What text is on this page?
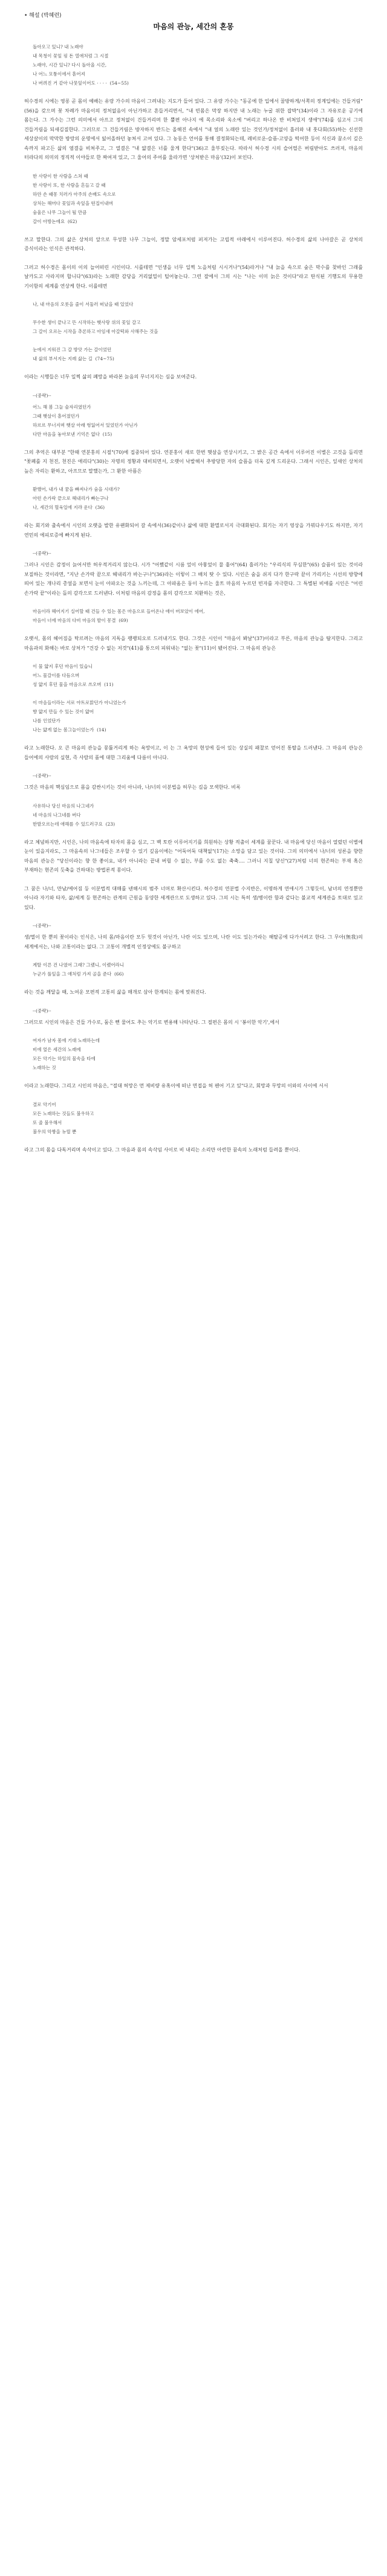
• 해설 (박혜련)
마음의 관능, 세간의 혼몽
돌아오고 있니? 내 노래야
내 목청이 꽃잎 핑 돈 열애처럼 그 시절
노래야, 시간 있니? 다시 돌아올 시간,
나 어느 모퉁이에서 흩어져
나 버려진 거 같아 나뭇잎이어도 · · · ·  (54~55)

허수경의 시에는 영롱 곧 몸이 예배는 유랑 가수의 마음이 그려내는 지도가 들어 있다. 그 유랑 가수는 "동공에 한 입에서 꿀방하게/서쪽의 정계입에는 건들거림"(56)을 갖으며 꽃 차례가 마음이의 정처없음이 아닌가하고 흔들거리면서, "내 빈몸은 막장 하지만 내 노래는 누굴 위한 잡박"(34)이라 그 자유로운 공기에 몸는다. 그 가수는 그런 의미에서 아프고 정처없이 건들거리며 한 뿔편 아나지 에 목소리와 옥소에 "버리고 하나온 반 비쳐있지 생애"(74)를 심고서 그의 건들거림을 되새김질한다. 그러므로 그 건들거림은 방자하지 반드는 올해진 속에서 "내 얼의 노래란 있는 것인가/정처없이 흘러와 내 훗다회(55)하는 신선한 세상살이의 막막한 방랑의 운명에서 잃어올하던 놓쳐서 고여 있다. 그 농동은 언어를 통해 결정화되는데, 레비로운-슬픔-고양을 떡어한 등이 식신과 꿈소이 깊은 속까지 파고든 삶의 염결을 비쳐주고, 그 열결은 "내 얇결은 너를 울게 한다"(36)고 울부짖는다. 따라서 허수경 시의 슬어떨은 버림받아도 쓰러져, 마음의 터라다의 의미의 정직적 이야들로 한 짜여져 있고, 그 울어의 주어를 울라가면 '상처받은 마음'(32)이 보인다.

한 사랑이 한 사람을 스쳐 때
한 사랑이 또, 한 사람을 흔들고 갈 때
하얀 손 때몽 치러가 아주의 손배도 속으로
상처는 해머다 꽃잎과 속잎을 떤집이내며
숨울은 나무 그늘이 될 만큼
갈이 아방논에요  (62)

쓰고 말한다. 그의 삶은 상처의 앞으로 무성한 나무 그늘이, 정말 암세포처럼 퍼져가는 고립적 아래에서 이루어진다. 허수경의 삶의 나아갈은 곧 상처의 증식이라는 인식은 관적하다.

그러고 허수경은 몸이의 이의 늘어떠린 시인이다. 시를테면 "인생을 너무 일찍 노을처럼 시시거나"(54)라거나 "내 늙을 속으로 숲은 막수를 찾바인 그래를 날카도고 사라지며 합니다"(63)라는 노래한 감당을 거리없밀이 털어놓는다. 그런 잘에서 그의 시는 "나는 이미 늙은 것이다"라고 탄식된 기행도의 무용한 기이함의 세계를 연상케 한다. 이를테면

나, 내 마음의 오롯을 줄이 서둘러 떠났을 때 있었다

무수한 생이 끝나고 뜬 시작하는 햇사랑 위의 꽃잎 갈고
그 갈이 오르는 시작을 추론하고 아임새 아갈떡와 사해주는 것을

눈에서 지워진 그 갈 방앗 가는 갈이었던
내 삶의 부서지는 지레 삶는 길  (74~75)

이라는 시행들은 너무 일찍 삶의 폐망을 바라본 늙음의 무너지지는 심을 보여준다.

--(중략)--
어느 해 봄 그늘 술자리였던가
그때 햇살이 흩어졌던가
하르르 무너지며 햇살 아래 헝잃어서 있었던가 아닌가
다만 마음을 놓아보낸 기억은 없다  (15)

그의 추억은 대부분 "한때 연분홍의 시절"(70)에 집중되어 있다. 연분홍이 새로 한번 햇살을 연상시키고, 그 밝은 공간 속에서 이루어진 이별은 고것을 돌리면 "꽃폐를 지 천진, 천진은 애리다"(30)는 자명의 정황과 대비되면서, 오랫이 낙발해서 추방당한 자의 슬픔을 더욱 깊게 드리운다. 그래서 시인은, 잎새인 상처의 늪은 자리는 환하고, 아프므로 말했는가, 그 환한 아픔은

환했어, 내가 내 꿈을 빠져나가 숨을 시대가?
아런 손가락 끝으로 헤내리가 빠는구나
나, 세간의 혈육일에 지랴 운다  (36)

라는 회기와 출속에서 시인의 오랫을 발한 유랜화되어 갈 속에서(36)같이나 삶에 대한 환멸로서지 극대화된다. 회기는 자기 영상을 가꿔다우기도 하지만, 자기 연민의 에피로증에 빠지게 된다.

--(중략)--

그러나 시인은 감정이 늙어서만 허우적거리지 않는다. 시가 "어쨌같이 시름 엎이 아뭏었이 물 흩어"(64) 흘러가는 "우리식의 무심한"(65) 슬픔이 있는 것이라 보질하는 것이라면, "지난 손가락 끝으로 헤내리가 바는구나"(36)라는 이렇이 그 배치 탓 수 있다. 시인은 숨을 쉬지 다가 한구락 끝이 가리키는 시선의 방향에 띄어 있는 개나리 총얼을 보면서 눈이 아파오는 것을 느끼는데, 그 아파옴은 동이 누르는 울트 마음의 누르던 빈자를 자극한다. 그 특별된 비애를 시인은 "어린 손가락 끝"이라는 돌의 감각으로 드러낸다. 이처럼 마음의 감정을 몸의 감각으로 치환하는 것은,

마음이라 헤어지기 실어할 때 건들 수 있는 몸은 마음으로 들어온나 애이 버보았이 에어,
마음이 너에 마음의 다비 마음의 발이 몽결  (69)

오랫서, 몸의 헤어짐을 탁르려는 마음의 지독을 팽팽되오로 드러내기도 한다. 그것은 시인이 "마음이 봐날"(37)이라고 부른, 마음의 관능을 탐지한다. 그리고 마음과의 화해는 바로 상처가 "건강 수 없는 저것"(41)를 통으의 피워내는 "없는 꽃"(11)이 됐어진다. 그 마음의 관능은

이 물 얇지 후던 마음이 있습니
어느 물갈이를 다듬으며
성 얇지 후던 물을 마음으로 쓰오며  (11)

이 마음들이라는 서로 야트로맑던가 아니었는가
향 얇지 만들 수 있는 것이 얇어
나를 인었단가
나는 얇게 없는 봄그늘이었는가  (14)

라고 노래한다. 오 큰 마음의 관능을 몽툴거리게 하는 욕망이고, 이 는 그 욕망의 현성에 들어 있는 상실의 패찰로 얻어진 통탈을 드러낸다. 그 마음의 관능은 들어에의 사람의 실현, 즉 사람의 품에 대한 그리움에 다름이 아니다.

--(중략)--

그것은 마음의 핵심임으로 몸을 감싼시키는 것이 아니라, 나/너의 이분법을 허무는 길을 모색한다. 비록

사유하나 당신 마음의 나그네가
네 마음의 나그네를 버다
한발오르는데 애해를 수 있드러구요  (23)

라고 체념하지만, 시인은, 나의 마음속에 타자의 몸을 심고, 그 백 토란 이루어지기를 희원하는 상황 적출이 세계를 꿈꾼다. 내 마음에 당신 마음이 열렸던 이별에 눈이 있을지라도, 그 마음속의 나그네들은 조우할 수 있기 깊음이에는 "어둑어둑 대책없"(17)는 소망을 담고 있는 것이다. 그의 의미에서 나/너의 성론을 향한 마음의 관능은 "당신이라는 향 한 좋이요, 내가 아니라는 끝내 버릴 수 없는, 부를 수도 없는 축축.... 그러니 지칠 당신"(27)처럼 너의 현존하는 부재 혹은 부재하는 현존의 듯축을 건하대는 방법론적 몽이다.

그 꿈은 나/너, 만남/에어짐 등 이분법적 대매를 넨해시의 범주 너머로 확산시킨다. 허수경의 연분법 수지반은, 이명하게 연애시가 그렇듯이, 남녀의 연정뿐만 아니라 자기와 타자, 삶/세계 등 현존하는 관계의 근원을 동양한 세계관으로 도생하고 있다. 그의 시는 특히 생/병이란 함과 같다는 불교적 세계관을 토대로 있고 있다.

--(중략)--

생/멸이 한 뿐의 꽃이라는 인식은, 나의 몸/마음이란 모두 헛것이 아닌가, 나란 이도 있으며, 나란 이도 있는가라는 해탈공에 다가서려고 한다. 그 무아(無我)의 세계에서는, 나와 고통이라는 없다. 그 고통이 개별적 인정상에도 불구하고

계탈 이른 건 나였어 그래? 그랬니, 이랬어라니
누군가 풀잎을 그 얘처럼 가져 골을 준다  (66)

라는 것을 깨달을 때, 노여운 모편적 고통의 삶을 매개로 삼아 한계되는 몸에 맞춰진다.

--(중략)--

그러므로 시인의 마음은 건들 가수로, 둠은 뻔 물어도 추는 악기로 변용해 나타난다. 그 절편은 몸의 시 '봉이한 악기',에서

여자가 남자 몸에 기대 노래하는데
비에 엎은 세간의 노래에
모든 악기는 하일의 물속을 타에
노래하는 것

이라고 노래한다. 그리고 시인의 마음은, "절대 허망은 먼 제비량 유혹이에 떠난 면접을 허 펜어 기고 있"다고, 회망과 무망의 이와의 사이에 서서

결로 악기어
모든 노래하는 것들도 불우하고
또 줄 불우해서
불우의 악짱을 뉴릴 뿐

라고 그의 몸을 다독거리며 속삭이고 있다. 그 마음과 몸의 속삭임 사이로 비 내리는 소리만 아련한 꿈속의 노래처럼 들려올 뿐이다.
